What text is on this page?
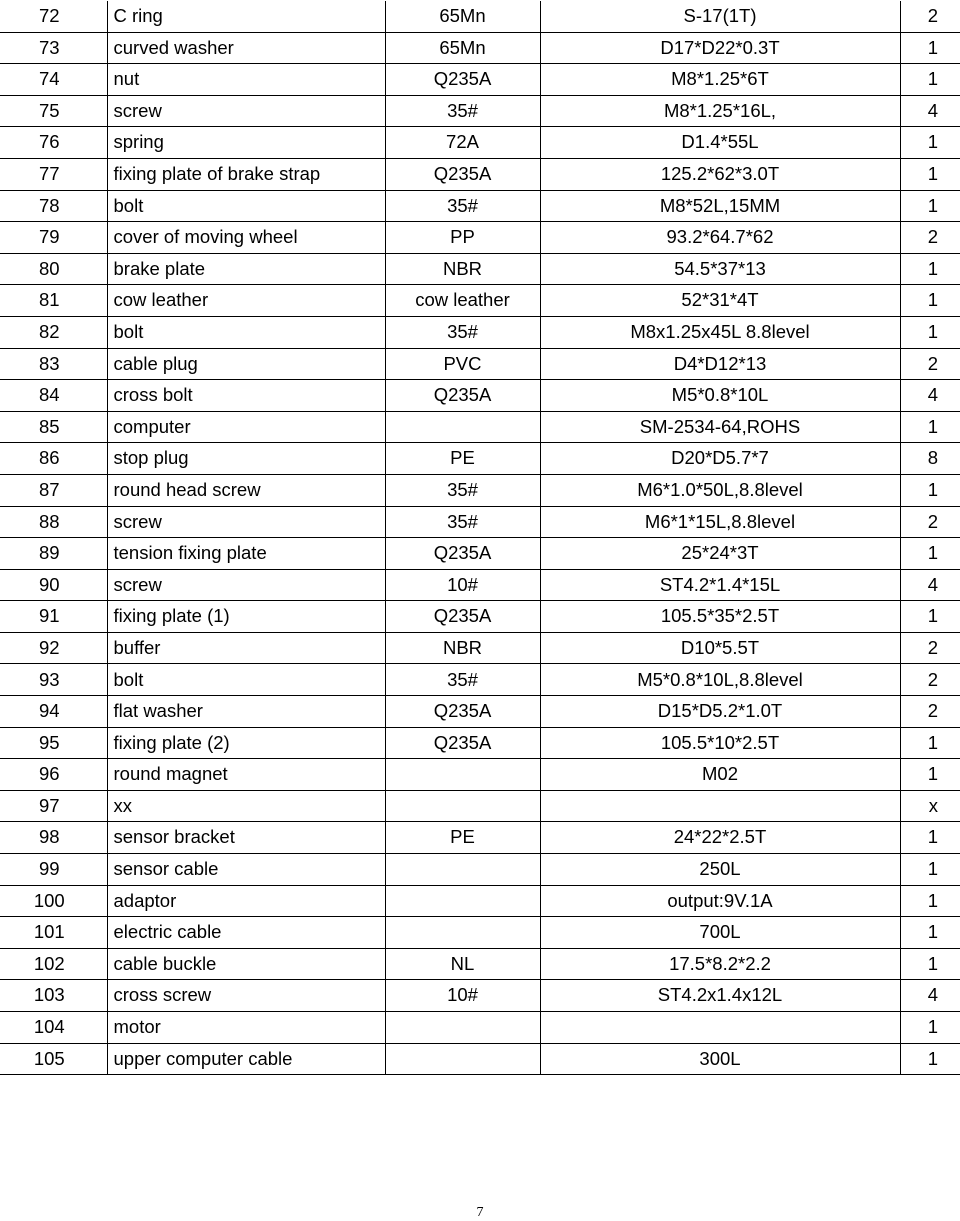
72	C ring	65Mn	S-17(1T)	2
73	curved washer	65Mn	D17*D22*0.3T	1
74	nut	Q235A	M8*1.25*6T	1
75	screw	35#	M8*1.25*16L,	4
76	spring	72A	D1.4*55L	1
77	fixing plate of brake strap	Q235A	125.2*62*3.0T	1
78	bolt	35#	M8*52L,15MM	1
79	cover of moving wheel	PP	93.2*64.7*62	2
80	brake plate	NBR	54.5*37*13	1
81	cow leather	cow leather	52*31*4T	1
82	bolt	35#	M8x1.25x45L 8.8level	1
83	cable plug	PVC	D4*D12*13	2
84	cross bolt	Q235A	M5*0.8*10L	4
85	computer		SM-2534-64,ROHS	1
86	stop plug	PE	D20*D5.7*7	8
87	round head screw	35#	M6*1.0*50L,8.8level	1
88	screw	35#	M6*1*15L,8.8level	2
89	tension fixing plate	Q235A	25*24*3T	1
90	screw	10#	ST4.2*1.4*15L	4
91	fixing plate (1)	Q235A	105.5*35*2.5T	1
92	buffer	NBR	D10*5.5T	2
93	bolt	35#	M5*0.8*10L,8.8level	2
94	flat washer	Q235A	D15*D5.2*1.0T	2
95	fixing plate (2)	Q235A	105.5*10*2.5T	1
96	round magnet		M02	1
97	xx			x
98	sensor bracket	PE	24*22*2.5T	1
99	sensor cable		250L	1
100	adaptor		output:9V.1A	1
101	electric cable		700L	1
102	cable buckle	NL	17.5*8.2*2.2	1
103	cross screw	10#	ST4.2x1.4x12L	4
104	motor			1
105	upper computer cable		300L	1
7
